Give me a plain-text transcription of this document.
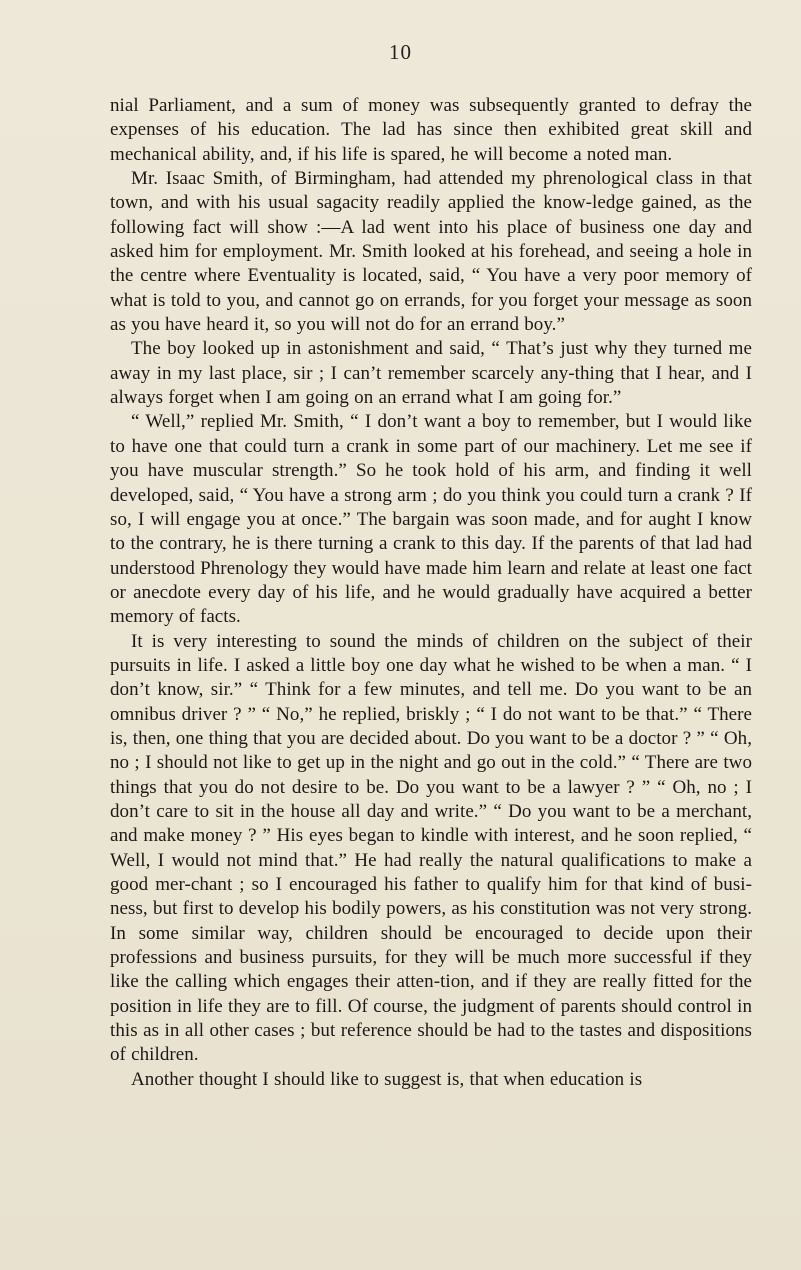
10

nial Parliament, and a sum of money was subsequently granted to defray the expenses of his education. The lad has since then exhibited great skill and mechanical ability, and, if his life is spared, he will become a noted man.

Mr. Isaac Smith, of Birmingham, had attended my phrenological class in that town, and with his usual sagacity readily applied the know-ledge gained, as the following fact will show :—A lad went into his place of business one day and asked him for employment. Mr. Smith looked at his forehead, and seeing a hole in the centre where Eventuality is located, said, “ You have a very poor memory of what is told to you, and cannot go on errands, for you forget your message as soon as you have heard it, so you will not do for an errand boy.”

The boy looked up in astonishment and said, “ That’s just why they turned me away in my last place, sir ; I can’t remember scarcely any-thing that I hear, and I always forget when I am going on an errand what I am going for.”

“ Well,” replied Mr. Smith, “ I don’t want a boy to remember, but I would like to have one that could turn a crank in some part of our machinery. Let me see if you have muscular strength.” So he took hold of his arm, and finding it well developed, said, “ You have a strong arm ; do you think you could turn a crank ? If so, I will engage you at once.” The bargain was soon made, and for aught I know to the contrary, he is there turning a crank to this day. If the parents of that lad had understood Phrenology they would have made him learn and relate at least one fact or anecdote every day of his life, and he would gradually have acquired a better memory of facts.

It is very interesting to sound the minds of children on the subject of their pursuits in life. I asked a little boy one day what he wished to be when a man. “ I don’t know, sir.” “ Think for a few minutes, and tell me. Do you want to be an omnibus driver ? ” “ No,” he replied, briskly ; “ I do not want to be that.” “ There is, then, one thing that you are decided about. Do you want to be a doctor ? ” “ Oh, no ; I should not like to get up in the night and go out in the cold.” “ There are two things that you do not desire to be. Do you want to be a lawyer ? ” “ Oh, no ; I don’t care to sit in the house all day and write.” “ Do you want to be a merchant, and make money ? ” His eyes began to kindle with interest, and he soon replied, “ Well, I would not mind that.” He had really the natural qualifications to make a good mer-chant ; so I encouraged his father to qualify him for that kind of busi-ness, but first to develop his bodily powers, as his constitution was not very strong. In some similar way, children should be encouraged to decide upon their professions and business pursuits, for they will be much more successful if they like the calling which engages their atten-tion, and if they are really fitted for the position in life they are to fill. Of course, the judgment of parents should control in this as in all other cases ; but reference should be had to the tastes and dispositions of children.

Another thought I should like to suggest is, that when education is
